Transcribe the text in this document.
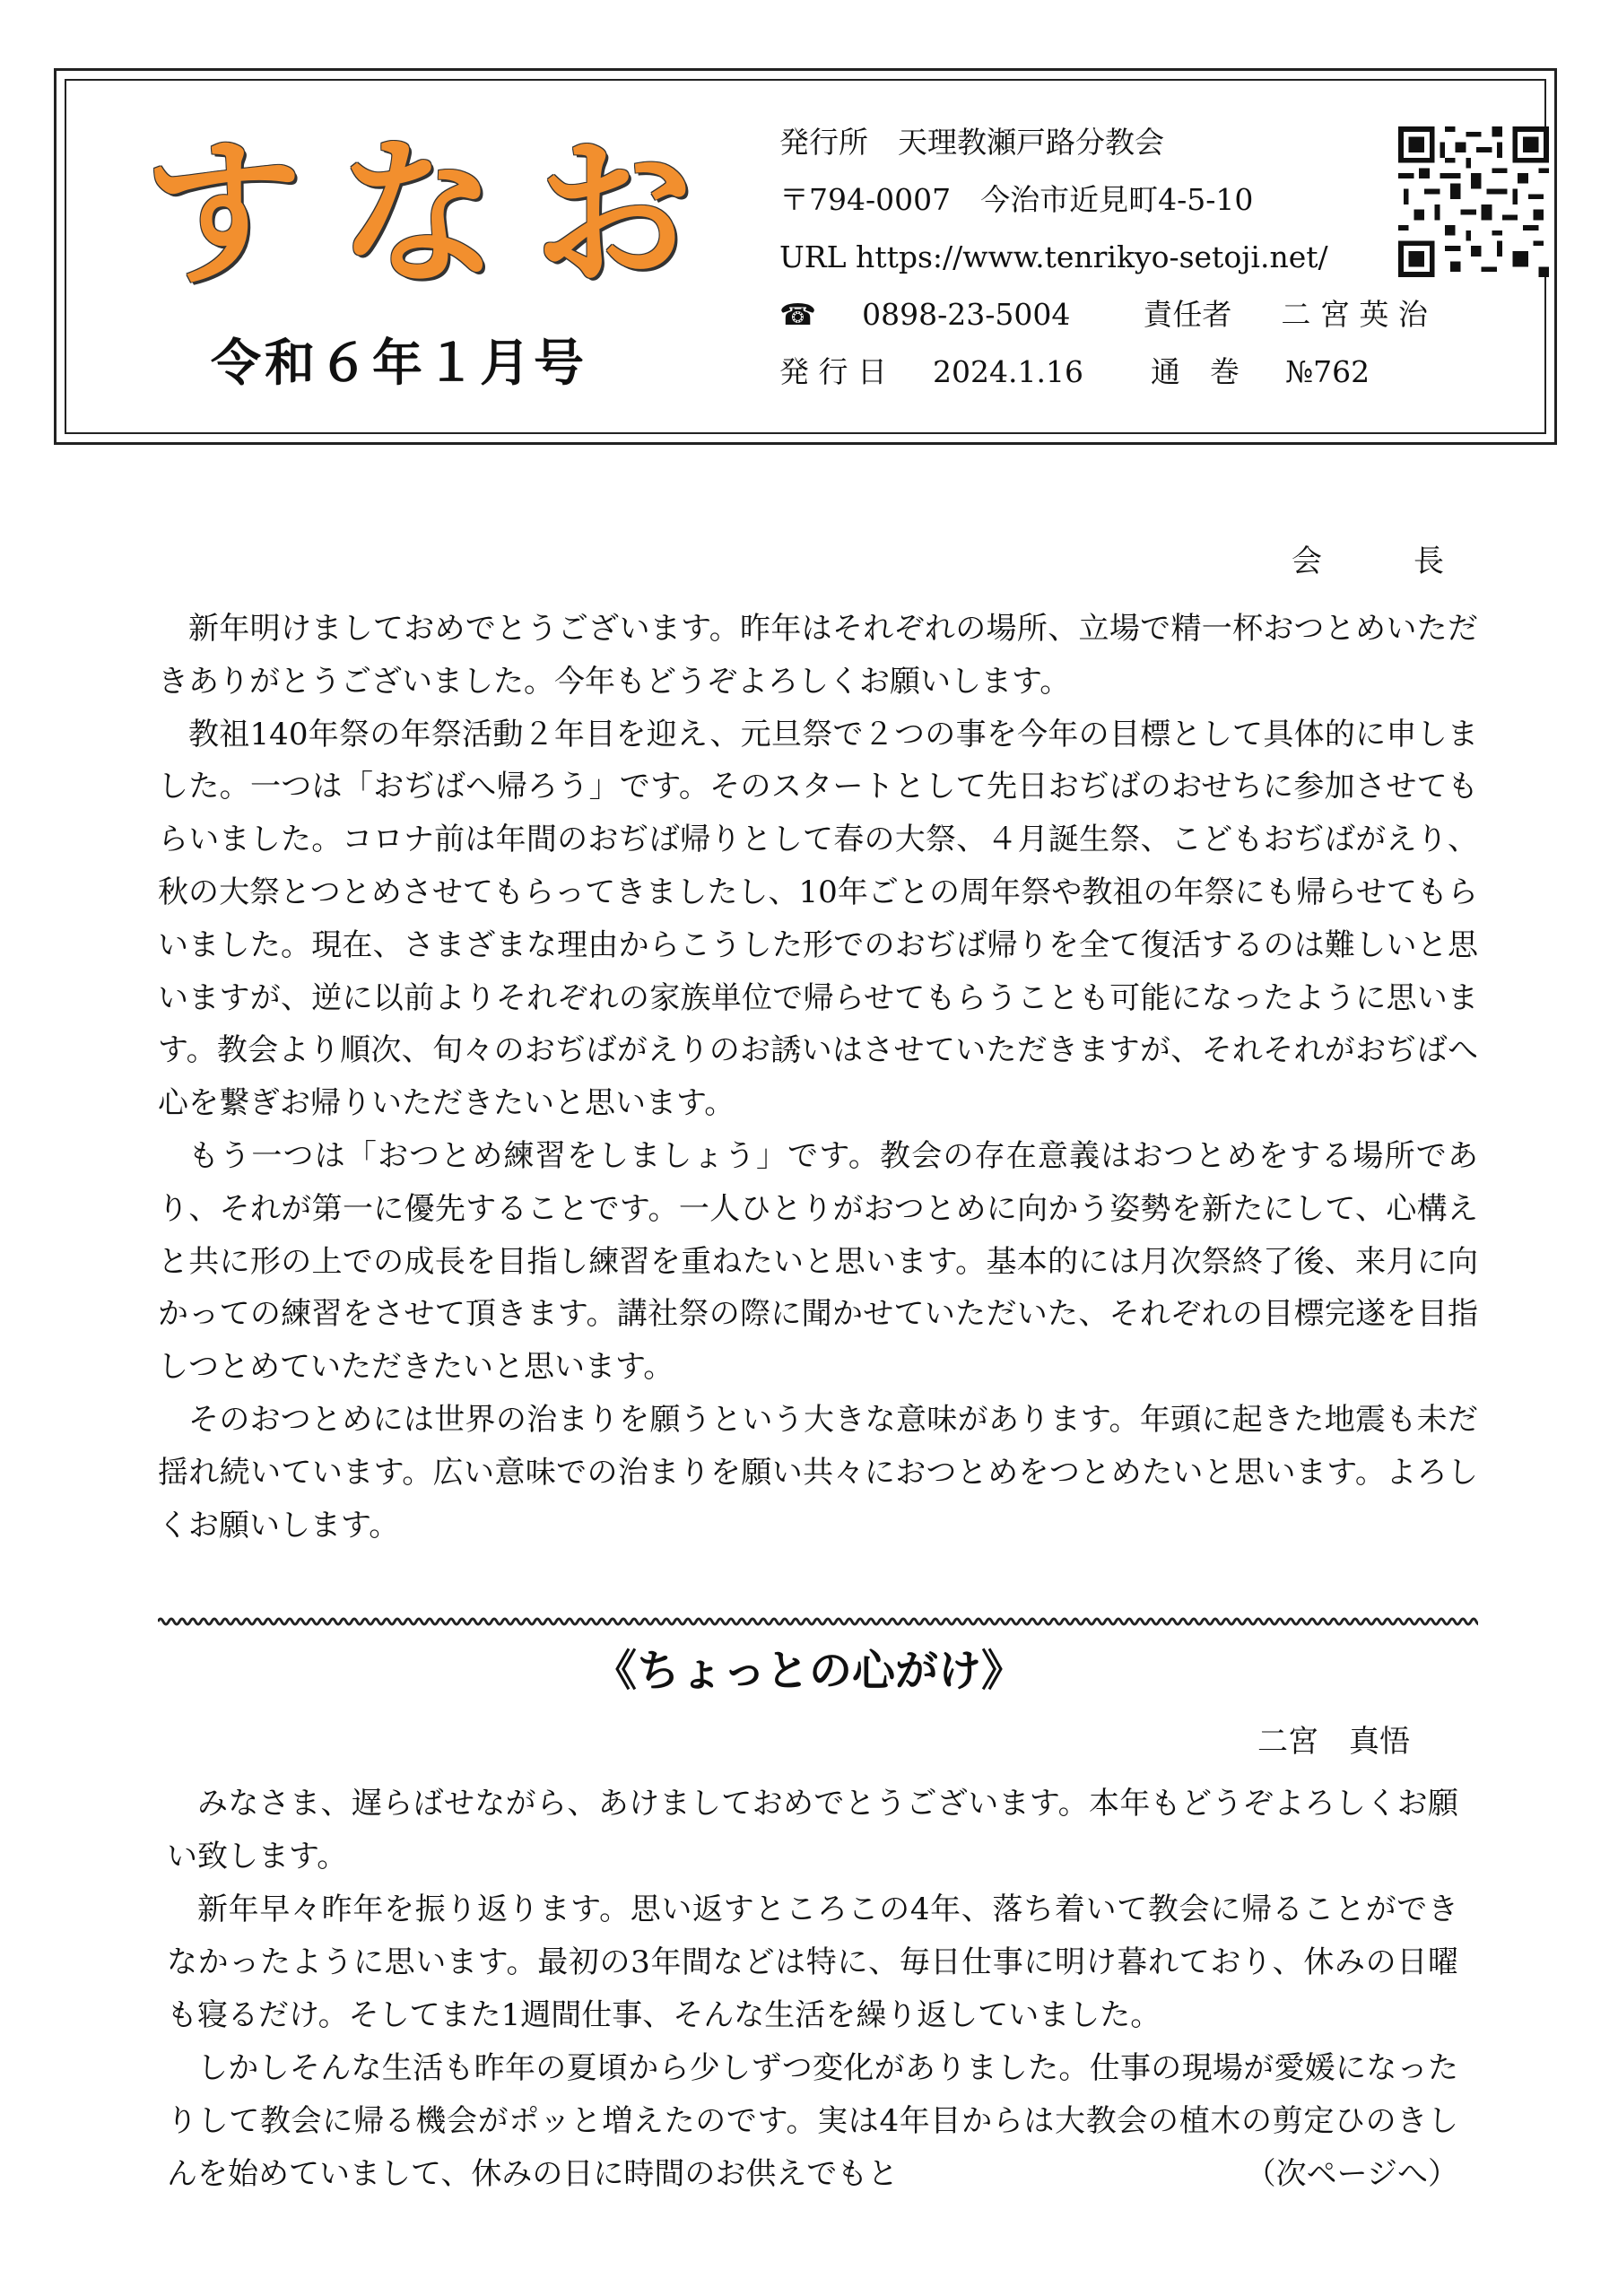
すなお
令和６年１月号
発行所　天理教瀬戸路分教会
〒794-0007　今治市近見町4-5-10
URL https://www.tenrikyo-setoji.net/
☎ 0898-23-5004 責任者 二 宮 英 治
発 行 日 2024.1.16 通　巻 №762
会　　　長

新年明けましておめでとうございます。昨年はそれぞれの場所、立場で精一杯おつとめいただきありがとうございました。今年もどうぞよろしくお願いします。

教祖140年祭の年祭活動２年目を迎え、元旦祭で２つの事を今年の目標として具体的に申しました。一つは「おぢばへ帰ろう」です。そのスタートとして先日おぢばのおせちに参加させてもらいました。コロナ前は年間のおぢば帰りとして春の大祭、４月誕生祭、こどもおぢばがえり、秋の大祭とつとめさせてもらってきましたし、10年ごとの周年祭や教祖の年祭にも帰らせてもらいました。現在、さまざまな理由からこうした形でのおぢば帰りを全て復活するのは難しいと思いますが、逆に以前よりそれぞれの家族単位で帰らせてもらうことも可能になったように思います。教会より順次、旬々のおぢばがえりのお誘いはさせていただきますが、それそれがおぢばへ心を繋ぎお帰りいただきたいと思います。

もう一つは「おつとめ練習をしましょう」です。教会の存在意義はおつとめをする場所であり、それが第一に優先することです。一人ひとりがおつとめに向かう姿勢を新たにして、心構えと共に形の上での成長を目指し練習を重ねたいと思います。基本的には月次祭終了後、来月に向かっての練習をさせて頂きます。講社祭の際に聞かせていただいた、それぞれの目標完遂を目指しつとめていただきたいと思います。

そのおつとめには世界の治まりを願うという大きな意味があります。年頭に起きた地震も未だ揺れ続いています。広い意味での治まりを願い共々におつとめをつとめたいと思います。よろしくお願いします。

《ちょっとの心がけ》
二宮　真悟

みなさま、遅らばせながら、あけましておめでとうございます。本年もどうぞよろしくお願い致します。

新年早々昨年を振り返ります。思い返すところこの4年、落ち着いて教会に帰ることができなかったように思います。最初の3年間などは特に、毎日仕事に明け暮れており、休みの日曜も寝るだけ。そしてまた1週間仕事、そんな生活を繰り返していました。

しかしそんな生活も昨年の夏頃から少しずつ変化がありました。仕事の現場が愛媛になったりして教会に帰る機会がポッと増えたのです。実は4年目からは大教会の植木の剪定ひのきしんを始めていまして、休みの日に時間のお供えでもと	（次ページへ）
